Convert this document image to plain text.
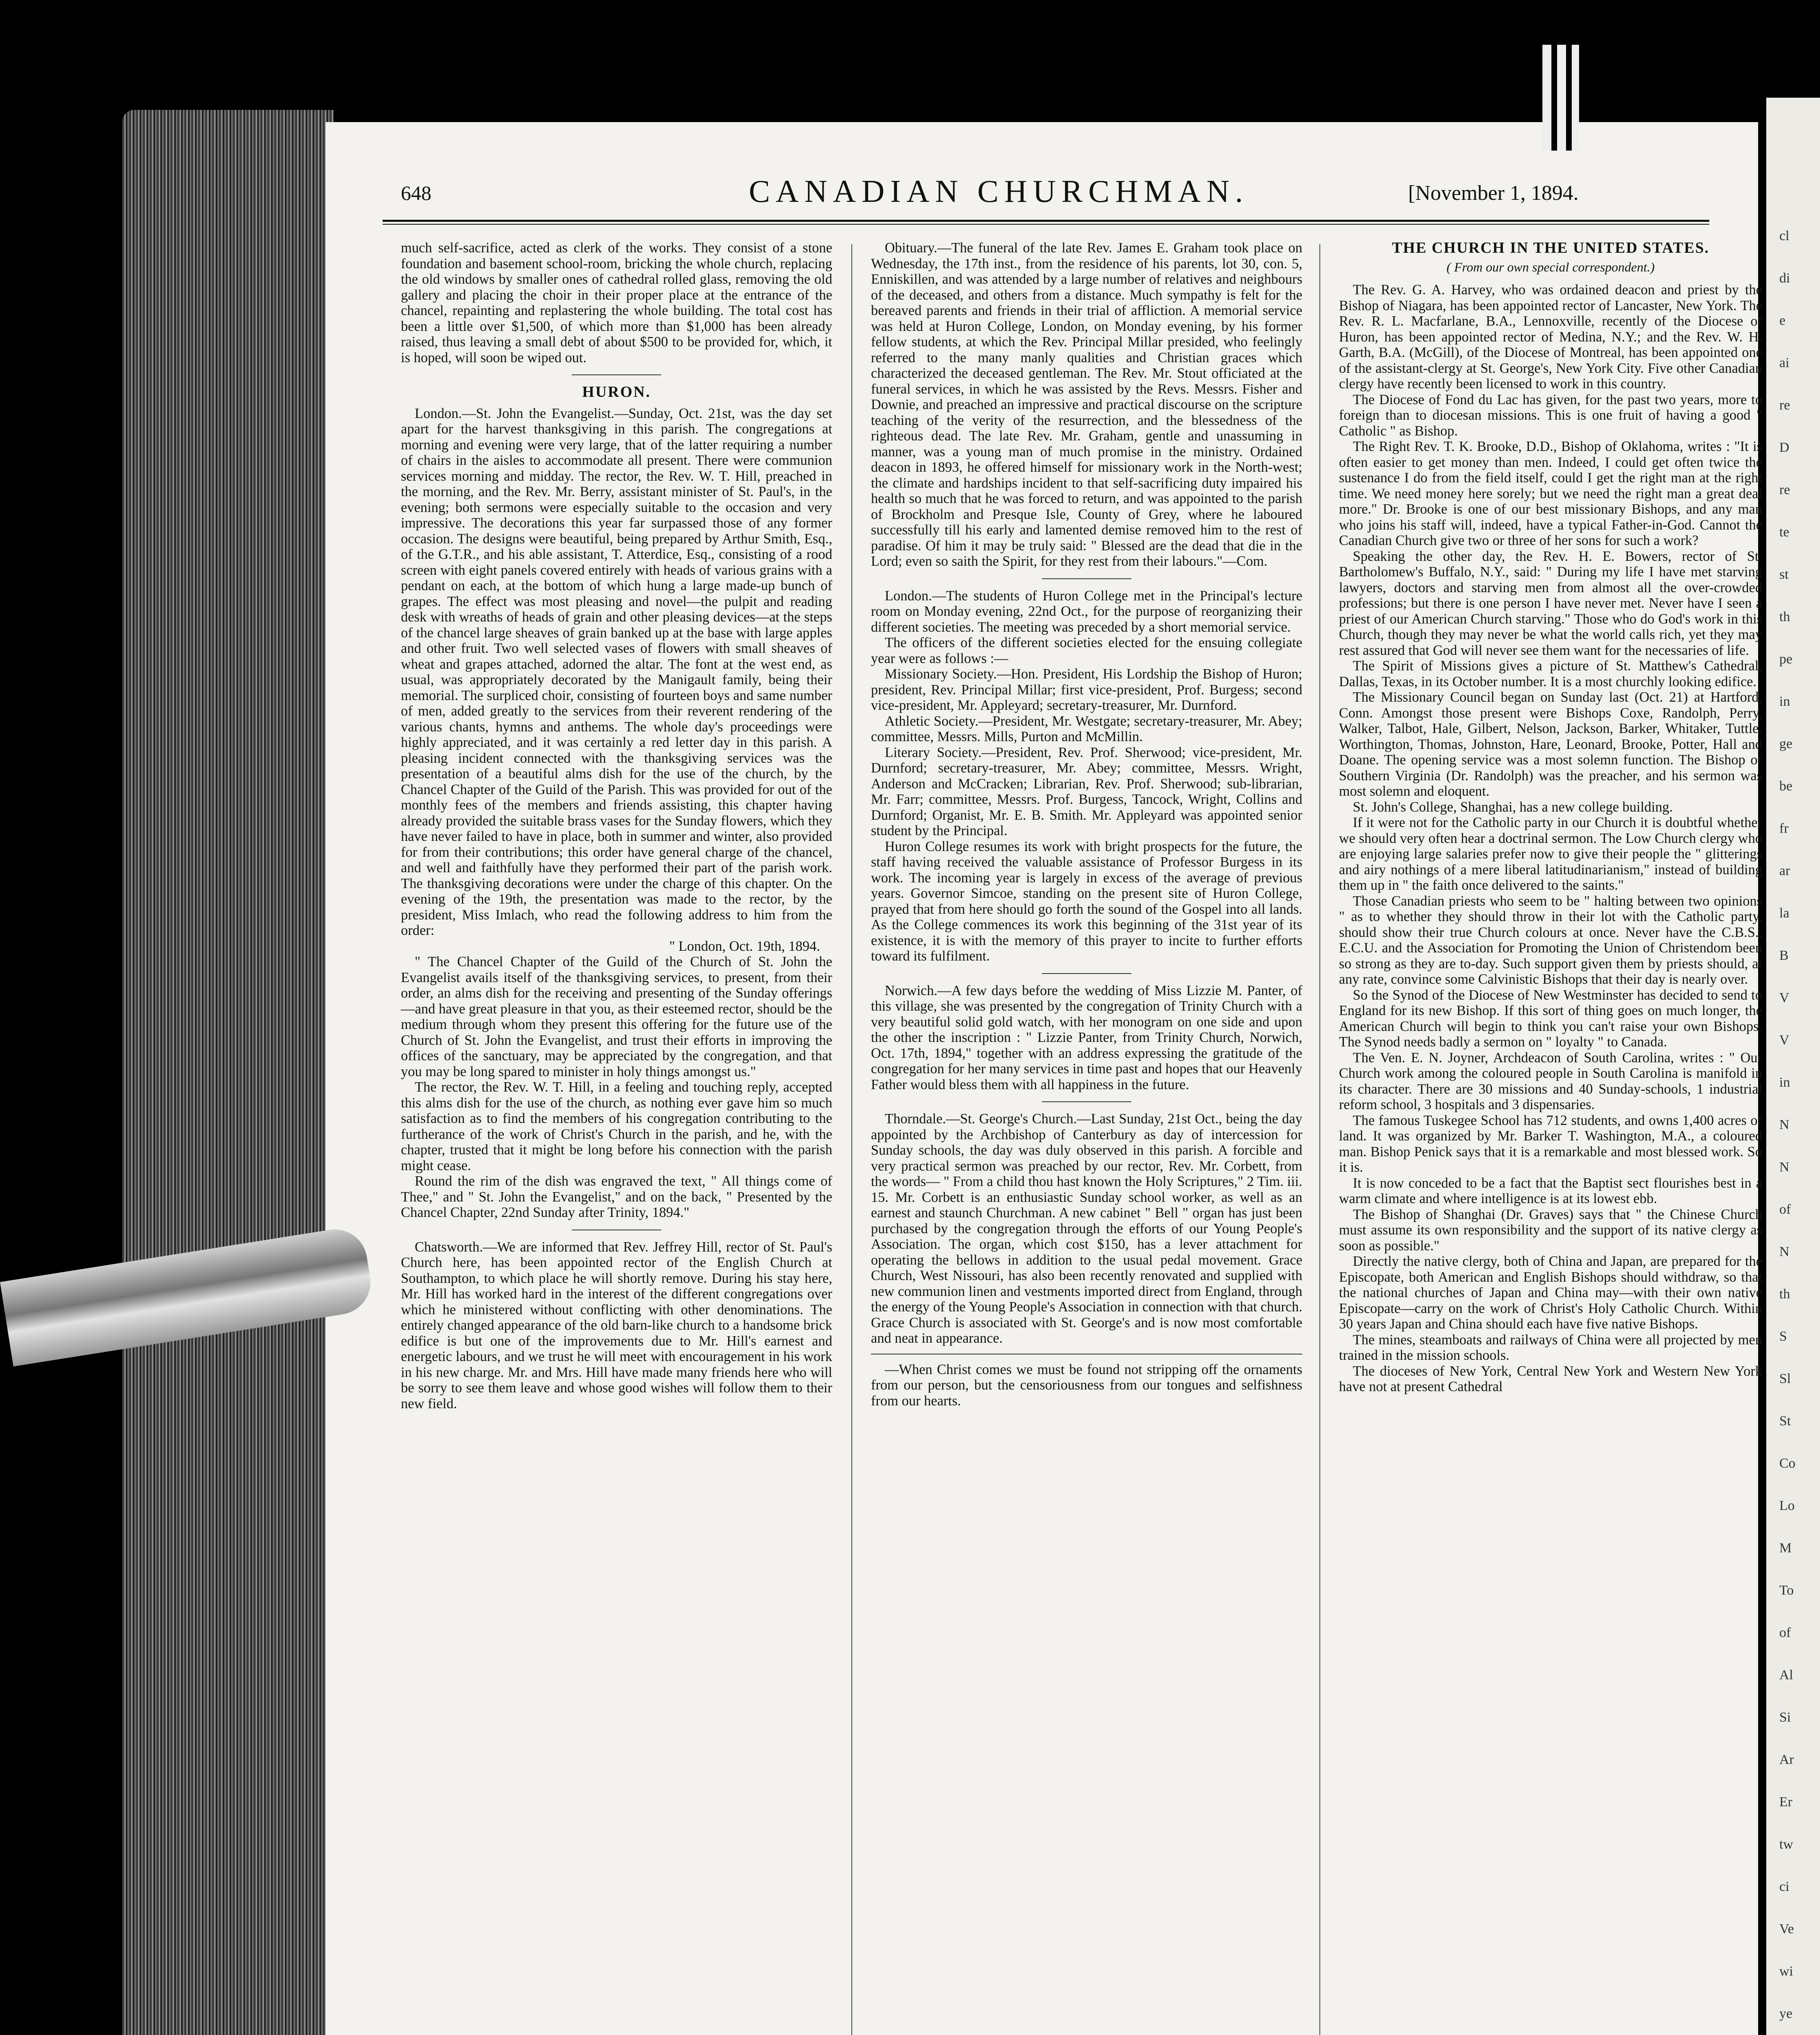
648	CANADIAN CHURCHMAN.	[November 1, 1894.

much self-sacrifice, acted as clerk of the works. They consist of a stone foundation and basement school-room, bricking the whole church, replacing the old windows by smaller ones of cathedral rolled glass, removing the old gallery and placing the choir in their proper place at the entrance of the chancel, repainting and replastering the whole building. The total cost has been a little over $1,500, of which more than $1,000 has been already raised, thus leaving a small debt of about $500 to be provided for, which, it is hoped, will soon be wiped out.

HURON.

London.—St. John the Evangelist.—Sunday, Oct. 21st, was the day set apart for the harvest thanksgiving in this parish. The congregations at morning and evening were very large, that of the latter requiring a number of chairs in the aisles to accommodate all present. There were communion services morning and midday. The rector, the Rev. W. T. Hill, preached in the morning, and the Rev. Mr. Berry, assistant minister of St. Paul's, in the evening; both sermons were especially suitable to the occasion and very impressive. The decorations this year far surpassed those of any former occasion. The designs were beautiful, being prepared by Arthur Smith, Esq., of the G.T.R., and his able assistant, T. Atterdice, Esq., consisting of a rood screen with eight panels covered entirely with heads of various grains with a pendant on each, at the bottom of which hung a large made-up bunch of grapes. The effect was most pleasing and novel—the pulpit and reading desk with wreaths of heads of grain and other pleasing devices—at the steps of the chancel large sheaves of grain banked up at the base with large apples and other fruit. Two well selected vases of flowers with small sheaves of wheat and grapes attached, adorned the altar. The font at the west end, as usual, was appropriately decorated by the Manigault family, being their memorial. The surpliced choir, consisting of fourteen boys and same number of men, added greatly to the services from their reverent rendering of the various chants, hymns and anthems. The whole day's proceedings were highly appreciated, and it was certainly a red letter day in this parish. A pleasing incident connected with the thanksgiving services was the presentation of a beautiful alms dish for the use of the church, by the Chancel Chapter of the Guild of the Parish. This was provided for out of the monthly fees of the members and friends assisting, this chapter having already provided the suitable brass vases for the Sunday flowers, which they have never failed to have in place, both in summer and winter, also provided for from their contributions; this order have general charge of the chancel, and well and faithfully have they performed their part of the parish work. The thanksgiving decorations were under the charge of this chapter. On the evening of the 19th, the presentation was made to the rector, by the president, Miss Imlach, who read the following address to him from the order:

" London, Oct. 19th, 1894.

" The Chancel Chapter of the Guild of the Church of St. John the Evangelist avails itself of the thanksgiving services, to present, from their order, an alms dish for the receiving and presenting of the Sunday offerings—and have great pleasure in that you, as their esteemed rector, should be the medium through whom they present this offering for the future use of the Church of St. John the Evangelist, and trust their efforts in improving the offices of the sanctuary, may be appreciated by the congregation, and that you may be long spared to minister in holy things amongst us."

The rector, the Rev. W. T. Hill, in a feeling and touching reply, accepted this alms dish for the use of the church, as nothing ever gave him so much satisfaction as to find the members of his congregation contributing to the furtherance of the work of Christ's Church in the parish, and he, with the chapter, trusted that it might be long before his connection with the parish might cease.

Round the rim of the dish was engraved the text, " All things come of Thee," and " St. John the Evangelist," and on the back, " Presented by the Chancel Chapter, 22nd Sunday after Trinity, 1894."

Chatsworth.—We are informed that Rev. Jeffrey Hill, rector of St. Paul's Church here, has been appointed rector of the English Church at Southampton, to which place he will shortly remove. During his stay here, Mr. Hill has worked hard in the interest of the different congregations over which he ministered without conflicting with other denominations. The entirely changed appearance of the old barn-like church to a handsome brick edifice is but one of the improvements due to Mr. Hill's earnest and energetic labours, and we trust he will meet with encouragement in his work in his new charge. Mr. and Mrs. Hill have made many friends here who will be sorry to see them leave and whose good wishes will follow them to their new field.

Obituary.—The funeral of the late Rev. James E. Graham took place on Wednesday, the 17th inst., from the residence of his parents, lot 30, con. 5, Enniskillen, and was attended by a large number of relatives and neighbours of the deceased, and others from a distance. Much sympathy is felt for the bereaved parents and friends in their trial of affliction. A memorial service was held at Huron College, London, on Monday evening, by his former fellow students, at which the Rev. Principal Millar presided, who feelingly referred to the many manly qualities and Christian graces which characterized the deceased gentleman. The Rev. Mr. Stout officiated at the funeral services, in which he was assisted by the Revs. Messrs. Fisher and Downie, and preached an impressive and practical discourse on the scripture teaching of the verity of the resurrection, and the blessedness of the righteous dead. The late Rev. Mr. Graham, gentle and unassuming in manner, was a young man of much promise in the ministry. Ordained deacon in 1893, he offered himself for missionary work in the North-west; the climate and hardships incident to that self-sacrificing duty impaired his health so much that he was forced to return, and was appointed to the parish of Brockholm and Presque Isle, County of Grey, where he laboured successfully till his early and lamented demise removed him to the rest of paradise. Of him it may be truly said: " Blessed are the dead that die in the Lord; even so saith the Spirit, for they rest from their labours."—Com.

London.—The students of Huron College met in the Principal's lecture room on Monday evening, 22nd Oct., for the purpose of reorganizing their different societies. The meeting was preceded by a short memorial service.

The officers of the different societies elected for the ensuing collegiate year were as follows :—

Missionary Society.—Hon. President, His Lordship the Bishop of Huron; president, Rev. Principal Millar; first vice-president, Prof. Burgess; second vice-president, Mr. Appleyard; secretary-treasurer, Mr. Durnford.

Athletic Society.—President, Mr. Westgate; secretary-treasurer, Mr. Abey; committee, Messrs. Mills, Purton and McMillin.

Literary Society.—President, Rev. Prof. Sherwood; vice-president, Mr. Durnford; secretary-treasurer, Mr. Abey; committee, Messrs. Wright, Anderson and McCracken; Librarian, Rev. Prof. Sherwood; sub-librarian, Mr. Farr; committee, Messrs. Prof. Burgess, Tancock, Wright, Collins and Durnford; Organist, Mr. E. B. Smith. Mr. Appleyard was appointed senior student by the Principal.

Huron College resumes its work with bright prospects for the future, the staff having received the valuable assistance of Professor Burgess in its work. The incoming year is largely in excess of the average of previous years. Governor Simcoe, standing on the present site of Huron College, prayed that from here should go forth the sound of the Gospel into all lands. As the College commences its work this beginning of the 31st year of its existence, it is with the memory of this prayer to incite to further efforts toward its fulfilment.

Norwich.—A few days before the wedding of Miss Lizzie M. Panter, of this village, she was presented by the congregation of Trinity Church with a very beautiful solid gold watch, with her monogram on one side and upon the other the inscription : " Lizzie Panter, from Trinity Church, Norwich, Oct. 17th, 1894," together with an address expressing the gratitude of the congregation for her many services in time past and hopes that our Heavenly Father would bless them with all happiness in the future.

Thorndale.—St. George's Church.—Last Sunday, 21st Oct., being the day appointed by the Archbishop of Canterbury as day of intercession for Sunday schools, the day was duly observed in this parish. A forcible and very practical sermon was preached by our rector, Rev. Mr. Corbett, from the words— " From a child thou hast known the Holy Scriptures," 2 Tim. iii. 15. Mr. Corbett is an enthusiastic Sunday school worker, as well as an earnest and staunch Churchman. A new cabinet " Bell " organ has just been purchased by the congregation through the efforts of our Young People's Association. The organ, which cost $150, has a lever attachment for operating the bellows in addition to the usual pedal movement. Grace Church, West Nissouri, has also been recently renovated and supplied with new communion linen and vestments imported direct from England, through the energy of the Young People's Association in connection with that church. Grace Church is associated with St. George's and is now most comfortable and neat in appearance.

—When Christ comes we must be found not stripping off the ornaments from our person, but the censoriousness from our tongues and selfishness from our hearts.

THE CHURCH IN THE UNITED STATES.
( From our own special correspondent.)

The Rev. G. A. Harvey, who was ordained deacon and priest by the Bishop of Niagara, has been appointed rector of Lancaster, New York. The Rev. R. L. Macfarlane, B.A., Lennoxville, recently of the Diocese of Huron, has been appointed rector of Medina, N.Y.; and the Rev. W. H. Garth, B.A. (McGill), of the Diocese of Montreal, has been appointed one of the assistant-clergy at St. George's, New York City. Five other Canadian clergy have recently been licensed to work in this country.

The Diocese of Fond du Lac has given, for the past two years, more to foreign than to diocesan missions. This is one fruit of having a good " Catholic " as Bishop.

The Right Rev. T. K. Brooke, D.D., Bishop of Oklahoma, writes : "It is often easier to get money than men. Indeed, I could get often twice the sustenance I do from the field itself, could I get the right man at the right time. We need money here sorely; but we need the right man a great deal more." Dr. Brooke is one of our best missionary Bishops, and any man who joins his staff will, indeed, have a typical Father-in-God. Cannot the Canadian Church give two or three of her sons for such a work?

Speaking the other day, the Rev. H. E. Bowers, rector of St. Bartholomew's Buffalo, N.Y., said: " During my life I have met starving lawyers, doctors and starving men from almost all the over-crowded professions; but there is one person I have never met. Never have I seen a priest of our American Church starving." Those who do God's work in this Church, though they may never be what the world calls rich, yet they may rest assured that God will never see them want for the necessaries of life.

The Spirit of Missions gives a picture of St. Matthew's Cathedral, Dallas, Texas, in its October number. It is a most churchly looking edifice.

The Missionary Council began on Sunday last (Oct. 21) at Hartford, Conn. Amongst those present were Bishops Coxe, Randolph, Perry, Walker, Talbot, Hale, Gilbert, Nelson, Jackson, Barker, Whitaker, Tuttle, Worthington, Thomas, Johnston, Hare, Leonard, Brooke, Potter, Hall and Doane. The opening service was a most solemn function. The Bishop of Southern Virginia (Dr. Randolph) was the preacher, and his sermon was most solemn and eloquent.

St. John's College, Shanghai, has a new college building.

If it were not for the Catholic party in our Church it is doubtful whether we should very often hear a doctrinal sermon. The Low Church clergy who are enjoying large salaries prefer now to give their people the " glitterings and airy nothings of a mere liberal latitudinarianism," instead of building them up in " the faith once delivered to the saints."

Those Canadian priests who seem to be " halting between two opinions " as to whether they should throw in their lot with the Catholic party, should show their true Church colours at once. Never have the C.B.S., E.C.U. and the Association for Promoting the Union of Christendom been so strong as they are to-day. Such support given them by priests should, at any rate, convince some Calvinistic Bishops that their day is nearly over.

So the Synod of the Diocese of New Westminster has decided to send to England for its new Bishop. If this sort of thing goes on much longer, the American Church will begin to think you can't raise your own Bishops. The Synod needs badly a sermon on " loyalty " to Canada.

The Ven. E. N. Joyner, Archdeacon of South Carolina, writes : " Our Church work among the coloured people in South Carolina is manifold in its character. There are 30 missions and 40 Sunday-schools, 1 industrial reform school, 3 hospitals and 3 dispensaries.

The famous Tuskegee School has 712 students, and owns 1,400 acres of land. It was organized by Mr. Barker T. Washington, M.A., a coloured man. Bishop Penick says that it is a remarkable and most blessed work. So it is.

It is now conceded to be a fact that the Baptist sect flourishes best in a warm climate and where intelligence is at its lowest ebb.

The Bishop of Shanghai (Dr. Graves) says that " the Chinese Church must assume its own responsibility and the support of its native clergy as soon as possible."

Directly the native clergy, both of China and Japan, are prepared for the Episcopate, both American and English Bishops should withdraw, so that the national churches of Japan and China may—with their own native Episcopate—carry on the work of Christ's Holy Catholic Church. Within 30 years Japan and China should each have five native Bishops.

The mines, steamboats and railways of China were all projected by men trained in the mission schools.

The dioceses of New York, Central New York and Western New York have not at present Cathedral

cl
di
e
ai
re
D
re
te
st
th
pe
in
ge
be
fr
ar
la
B
V
V
in
N
N
of
N
th
S
Sl
St
Co
Lo
M
To
of
Al
Si
Ar
Er
tw
ci
Ve
wi
ye
